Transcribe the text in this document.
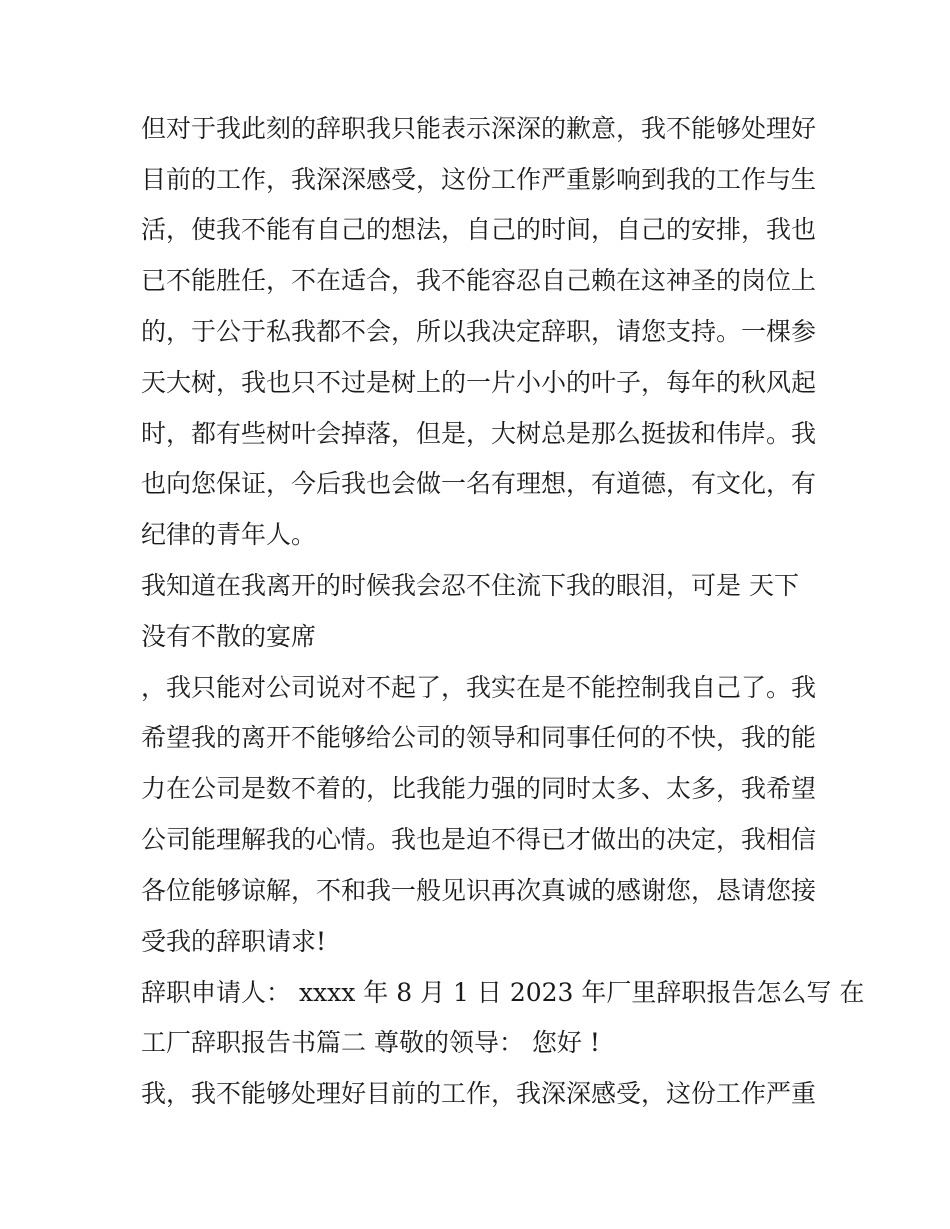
但对于我此刻的辞职我只能表示深深的歉意，我不能够处理好
目前的工作，我深深感受，这份工作严重影响到我的工作与生
活，使我不能有自己的想法，自己的时间，自己的安排，我也
已不能胜任，不在适合，我不能容忍自己赖在这神圣的岗位上
的，于公于私我都不会，所以我决定辞职，请您支持。一棵参
天大树，我也只不过是树上的一片小小的叶子，每年的秋风起
时，都有些树叶会掉落，但是，大树总是那么挺拔和伟岸。我
也向您保证，今后我也会做一名有理想，有道德，有文化，有
纪律的青年人。
我知道在我离开的时候我会忍不住流下我的眼泪，可是 天下
没有不散的宴席
，我只能对公司说对不起了，我实在是不能控制我自己了。我
希望我的离开不能够给公司的领导和同事任何的不快，我的能
力在公司是数不着的，比我能力强的同时太多、太多，我希望
公司能理解我的心情。我也是迫不得已才做出的决定，我相信
各位能够谅解，不和我一般见识再次真诚的感谢您，恳请您接
受我的辞职请求!
辞职申请人： xxxx 年 8 月 1 日 2023 年厂里辞职报告怎么写 在
工厂辞职报告书篇二 尊敬的领导： 您好 !
我，我不能够处理好目前的工作，我深深感受，这份工作严重
